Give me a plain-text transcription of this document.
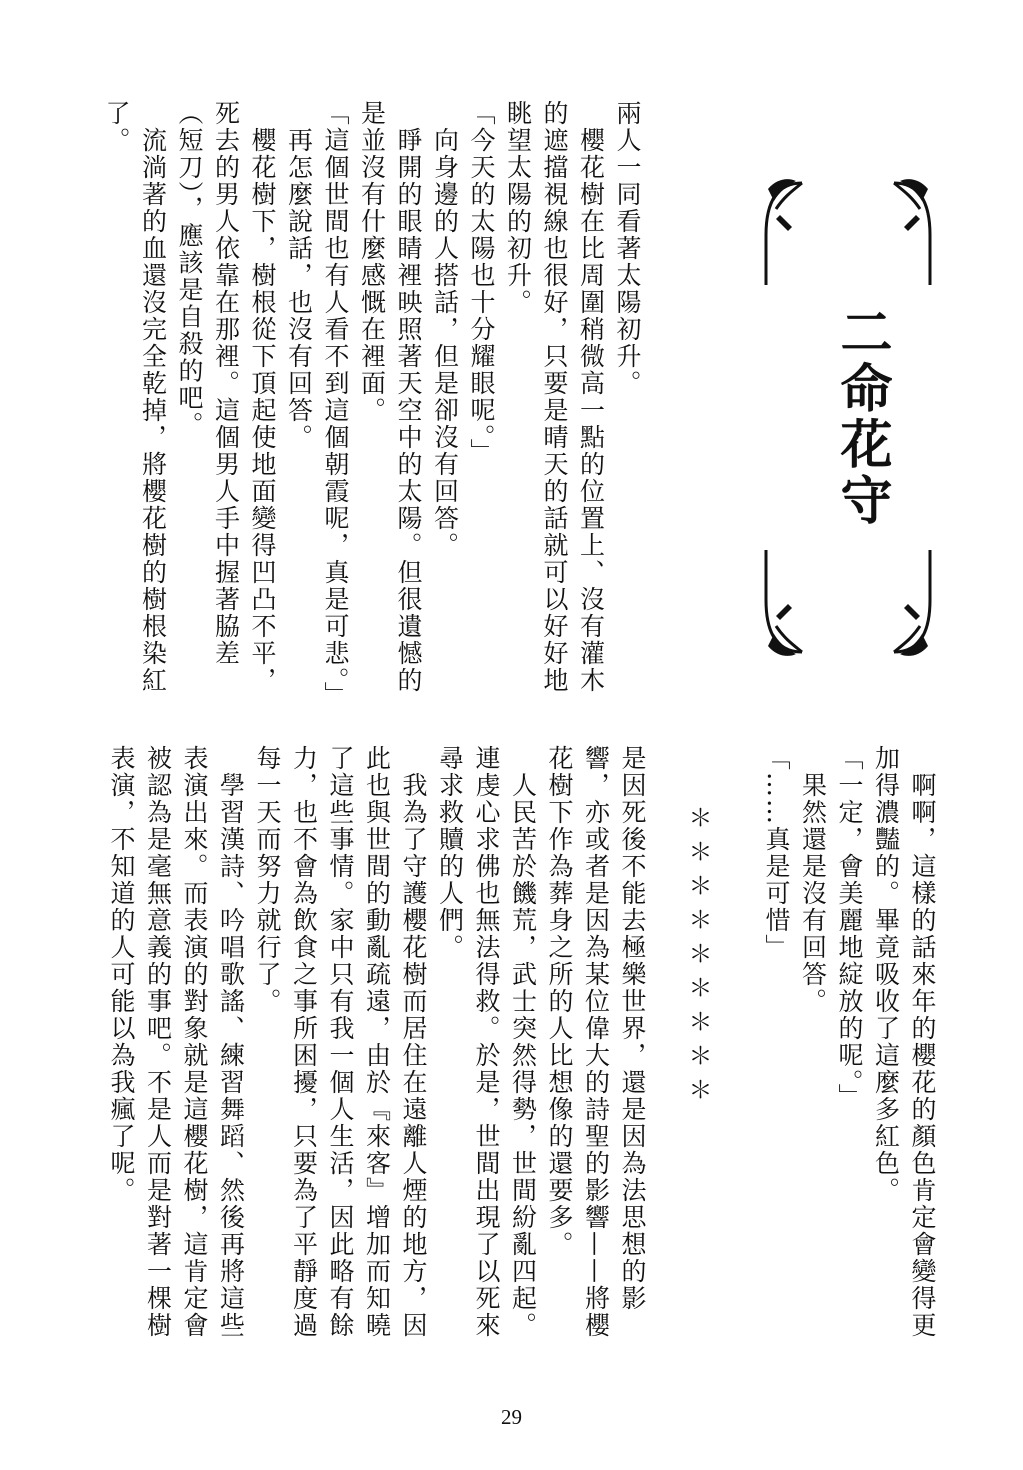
兩人一同看著太陽初升。
　櫻花樹在比周圍稍微高一點的位置上、沒有灌木的遮擋視線也很好，只要是晴天的話就可以好好地眺望太陽的初升。
「今天的太陽也十分耀眼呢。」
　向身邊的人搭話，但是卻沒有回答。
　睜開的眼睛裡映照著天空中的太陽。但很遺憾的是並沒有什麼感慨在裡面。
「這個世間也有人看不到這個朝霞呢，真是可悲。」
　再怎麼說話，也沒有回答。
　櫻花樹下，樹根從下頂起使地面變得凹凸不平，死去的男人依靠在那裡。這個男人手中握著脇差（短刀），應該是自殺的吧。
　流淌著的血還沒完全乾掉，將櫻花樹的樹根染紅了。
二命花守
　啊啊，這樣的話來年的櫻花的顏色肯定會變得更加得濃豔的。畢竟吸收了這麼多紅色。
「一定，會美麗地綻放的呢。」
　果然還是沒有回答。
「……真是可惜」
＊＊＊＊＊＊＊＊＊
是因死後不能去極樂世界，還是因為法思想的影響，亦或者是因為某位偉大的詩聖的影響——將櫻花樹下作為葬身之所的人比想像的還要多。
　人民苦於饑荒，武士突然得勢，世間紛亂四起。連虔心求佛也無法得救。於是，世間出現了以死來尋求救贖的人們。
　我為了守護櫻花樹而居住在遠離人煙的地方，因此也與世間的動亂疏遠，由於『來客』增加而知曉了這些事情。家中只有我一個人生活，因此略有餘力，也不會為飲食之事所困擾，只要為了平靜度過每一天而努力就行了。
　學習漢詩、吟唱歌謠、練習舞蹈、然後再將這些表演出來。而表演的對象就是這櫻花樹，這肯定會被認為是毫無意義的事吧。不是人而是對著一棵樹表演，不知道的人可能以為我瘋了呢。
29
